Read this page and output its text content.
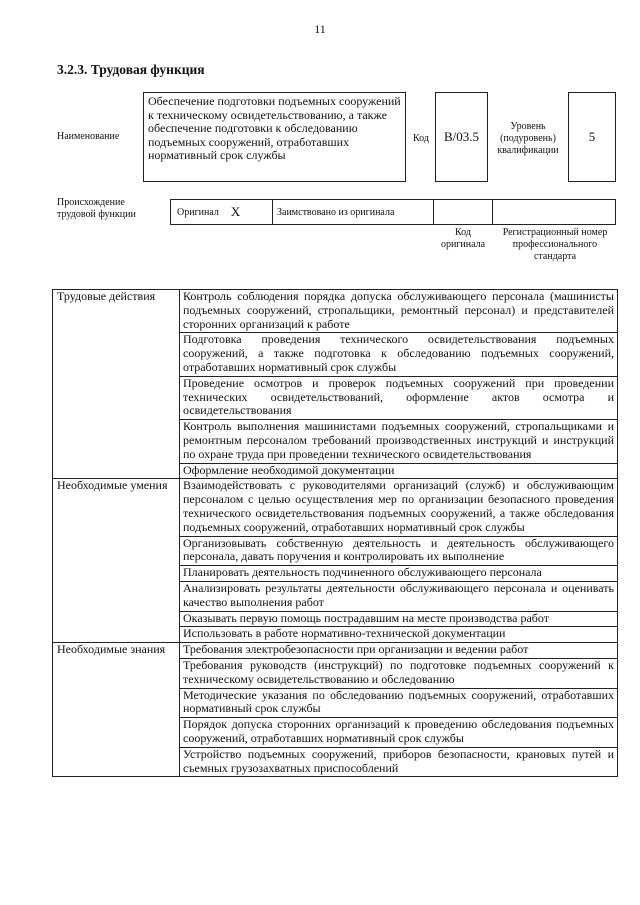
11
3.2.3. Трудовая функция
Наименование
Обеспечение подготовки подъемных сооружений к техническому освидетельствованию, а также обеспечение подготовки к обследованию подъемных сооружений, отработавших нормативный срок службы
Код В/03.5
Уровень (подуровень) квалификации
5
Происхождение трудовой функции	Оригинал X	Заимствовано из оригинала
Код оригинала
Регистрационный номер профессионального стандарта
Трудовые действия	Контроль соблюдения порядка допуска обслуживающего персонала (машинисты подъемных сооружений, стропальщики, ремонтный персонал) и представителей сторонних организаций к работе
	Подготовка проведения технического освидетельствования подъемных сооружений, а также подготовка к обследованию подъемных сооружений, отработавших нормативный срок службы
	Проведение осмотров и проверок подъемных сооружений при проведении технических освидетельствований, оформление актов осмотра и освидетельствования
	Контроль выполнения машинистами подъемных сооружений, стропальщиками и ремонтным персоналом требований производственных инструкций и инструкций по охране труда при проведении технического освидетельствования
	Оформление необходимой документации
Необходимые умения	Взаимодействовать с руководителями организаций (служб) и обслуживающим персоналом с целью осуществления мер по организации безопасного проведения технического освидетельствования подъемных сооружений, а также обследования подъемных сооружений, отработавших нормативный срок службы
	Организовывать собственную деятельность и деятельность обслуживающего персонала, давать поручения и контролировать их выполнение
	Планировать деятельность подчиненного обслуживающего персонала
	Анализировать результаты деятельности обслуживающего персонала и оценивать качество выполнения работ
	Оказывать первую помощь пострадавшим на месте производства работ
	Использовать в работе нормативно-технической документации
Необходимые знания	Требования электробезопасности при организации и ведении работ
	Требования руководств (инструкций) по подготовке подъемных сооружений к техническому освидетельствованию и обследованию
	Методические указания по обследованию подъемных сооружений, отработавших нормативный срок службы
	Порядок допуска сторонних организаций к проведению обследования подъемных сооружений, отработавших нормативный срок службы
	Устройство подъемных сооружений, приборов безопасности, крановых путей и съемных грузозахватных приспособлений
